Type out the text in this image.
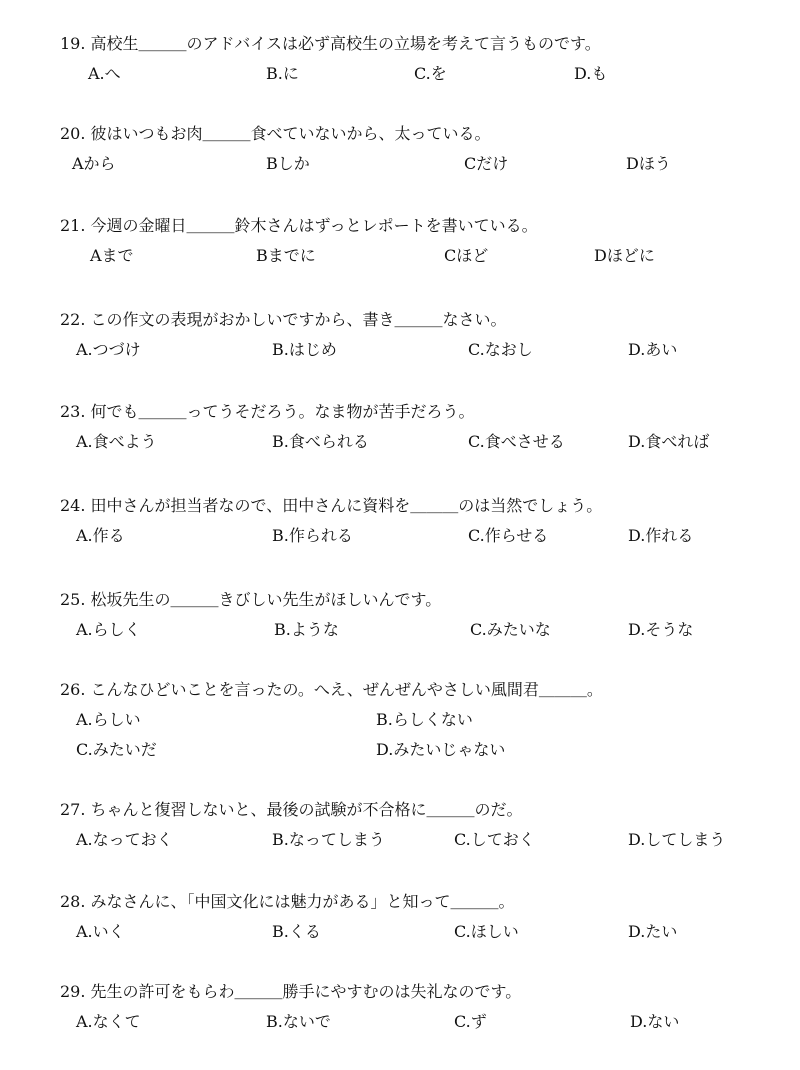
19. 高校生＿＿＿のアドバイスは必ず高校生の立場を考えて言うものです。
A.へ	B.に	C.を	D.も
20. 彼はいつもお肉＿＿＿食べていないから、太っている。
Aから	Bしか	Cだけ	Dほう
21. 今週の金曜日＿＿＿鈴木さんはずっとレポートを書いている。
Aまで	Bまでに	Cほど	Dほどに
22. この作文の表現がおかしいですから、書き＿＿＿なさい。
A.つづけ	B.はじめ	C.なおし	D.あい
23. 何でも＿＿＿ってうそだろう。なま物が苦手だろう。
A.食べよう	B.食べられる	C.食べさせる	D.食べれば
24. 田中さんが担当者なので、田中さんに資料を＿＿＿のは当然でしょう。
A.作る	B.作られる	C.作らせる	D.作れる
25. 松坂先生の＿＿＿きびしい先生がほしいんです。
A.らしく	B.ような	C.みたいな	D.そうな
26. こんなひどいことを言ったの。へえ、ぜんぜんやさしい風間君＿＿＿。
A.らしい	B.らしくない
C.みたいだ	D.みたいじゃない
27. ちゃんと復習しないと、最後の試験が不合格に＿＿＿のだ。
A.なっておく	B.なってしまう	C.しておく	D.してしまう
28. みなさんに、「中国文化には魅力がある」と知って＿＿＿。
A.いく	B.くる	C.ほしい	D.たい
29. 先生の許可をもらわ＿＿＿勝手にやすむのは失礼なのです。
A.なくて	B.ないで	C.ず	D.ない
